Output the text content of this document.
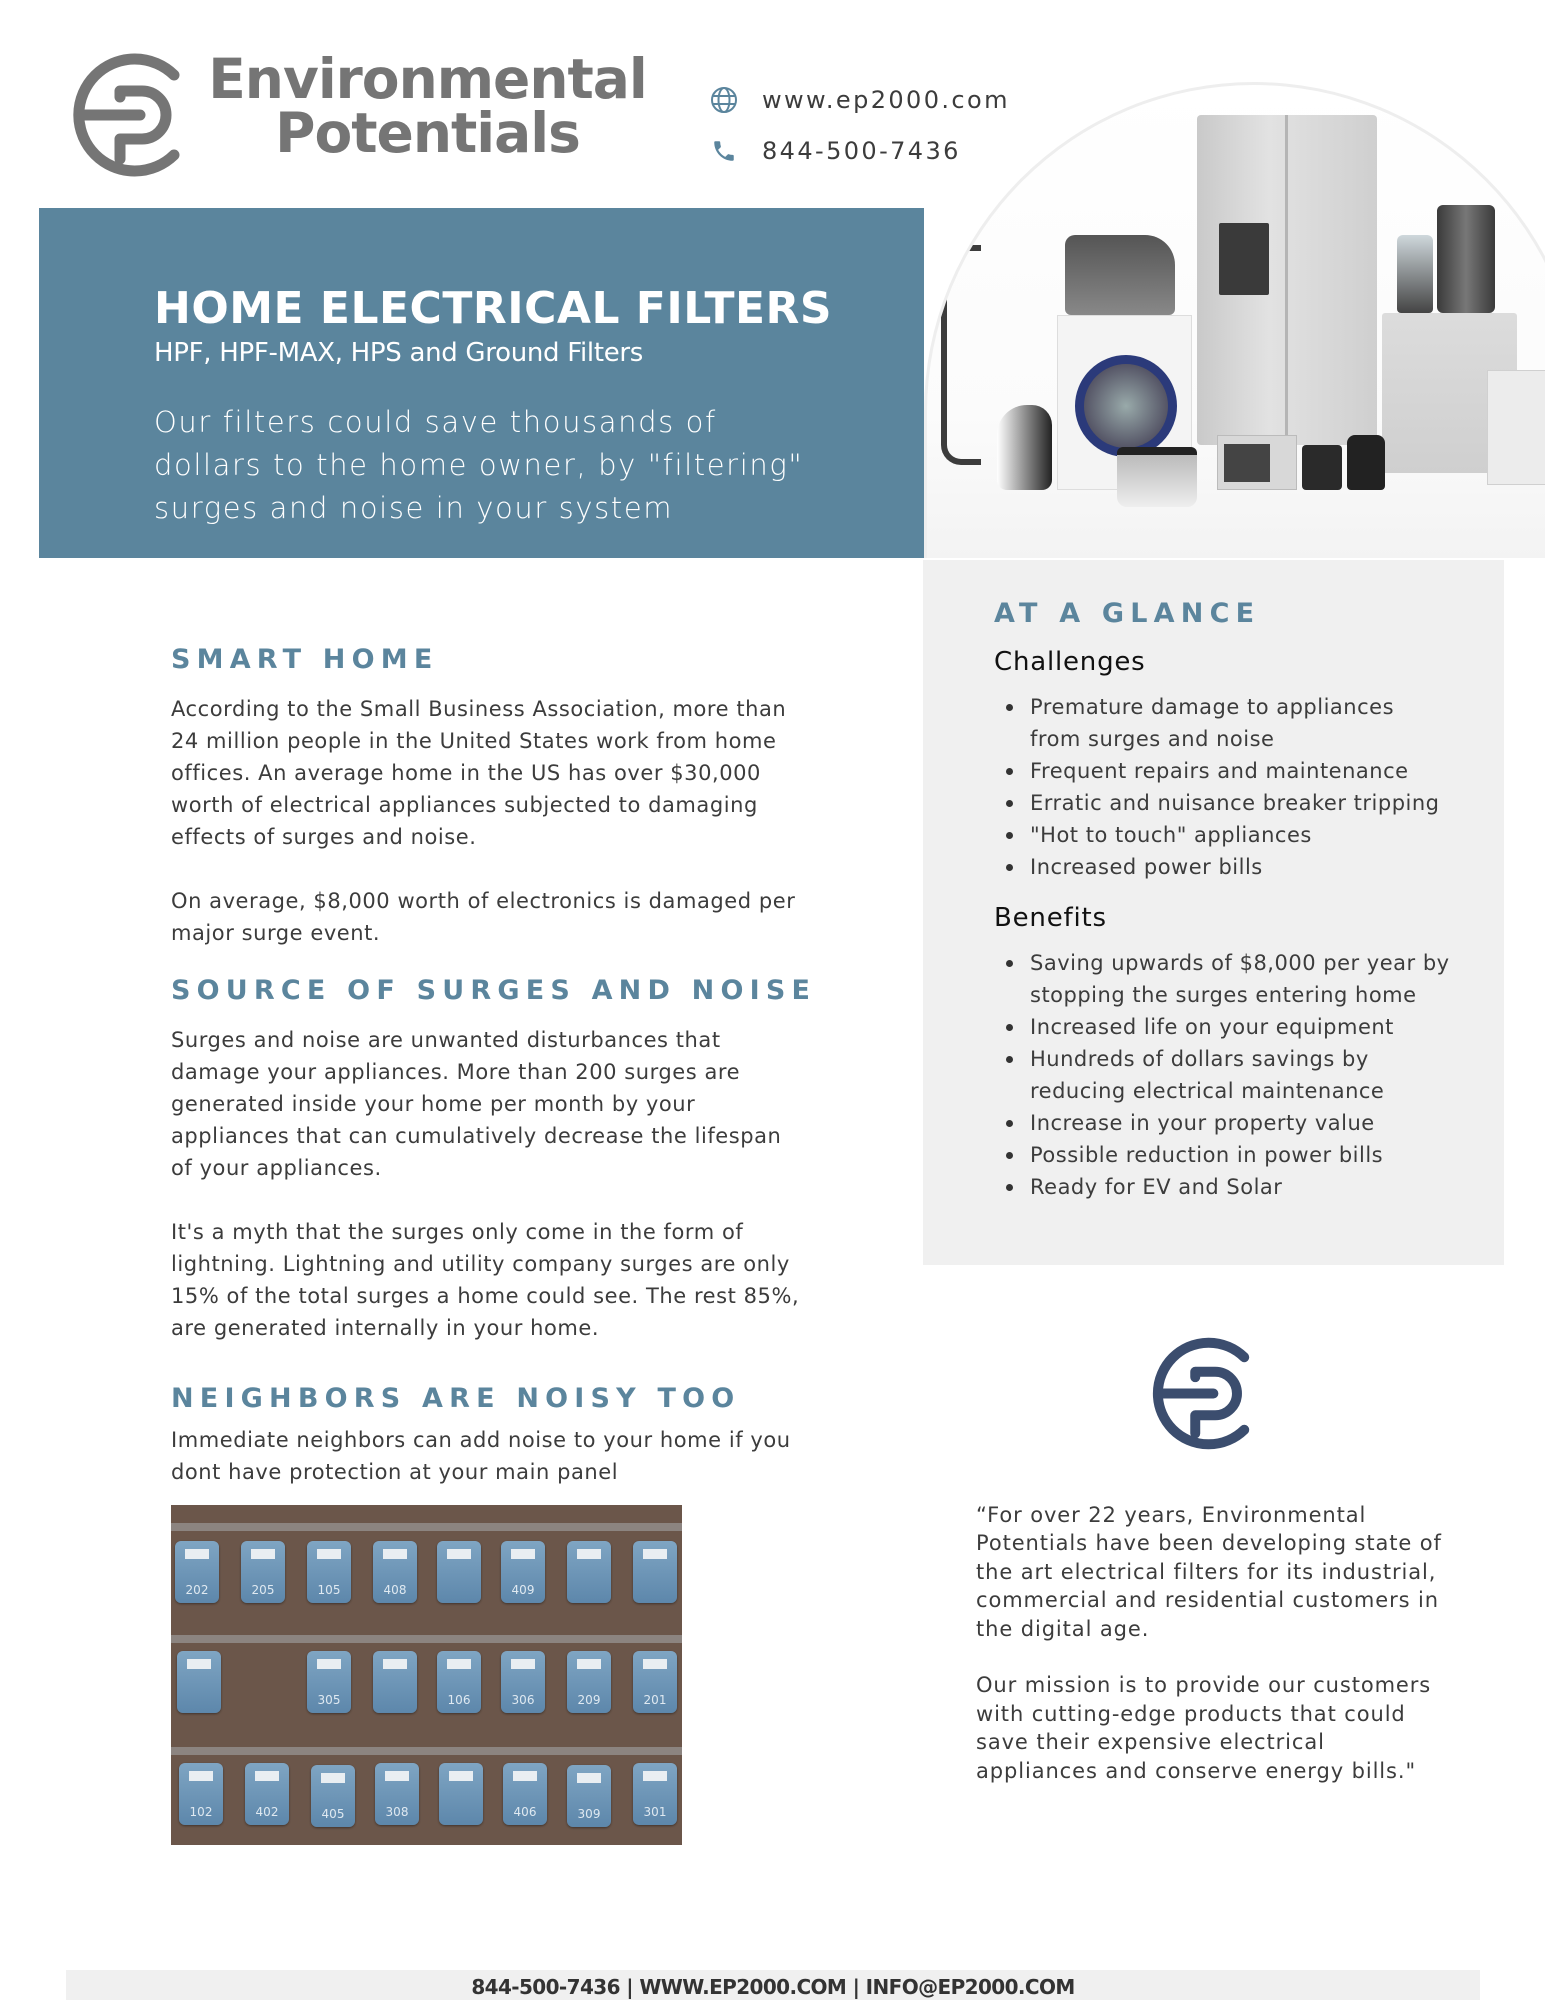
Environmental
Potentials
www.ep2000.com
844-500-7436
HOME ELECTRICAL FILTERS
HPF, HPF-MAX, HPS and Ground Filters
Our filters could save thousands of
dollars to the home owner, by "filtering"
surges and noise in your system
SMART HOME
According to the Small Business Association, more than
24 million people in the United States work from home
offices. An average home in the US has over $30,000
worth of electrical appliances subjected to damaging
effects of surges and noise.
On average, $8,000 worth of electronics is damaged per
major surge event.
SOURCE OF SURGES AND NOISE
Surges and noise are unwanted disturbances that
damage your appliances. More than 200 surges are
generated inside your home per month by your
appliances that can cumulatively decrease the lifespan
of your appliances.
It's a myth that the surges only come in the form of
lightning. Lightning and utility company surges are only
15% of the total surges a home could see. The rest 85%,
are generated internally in your home.
NEIGHBORS ARE NOISY TOO
Immediate neighbors can add noise to your home if you
dont have protection at your main panel
202	205	105	408	409
305	106	306	209	201
102	402	405	308	406	309	301
AT A GLANCE
Challenges
Premature damage to appliances
from surges and noise
Frequent repairs and maintenance
Erratic and nuisance breaker tripping
"Hot to touch" appliances
Increased power bills
Benefits
Saving upwards of $8,000 per year by
stopping the surges entering home
Increased life on your equipment
Hundreds of dollars savings by
reducing electrical maintenance
Increase in your property value
Possible reduction in power bills
Ready for EV and Solar
“For over 22 years, Environmental
Potentials have been developing state of
the art electrical filters for its industrial,
commercial and residential customers in
the digital age.
Our mission is to provide our customers
with cutting-edge products that could
save their expensive electrical
appliances and conserve energy bills."
844-500-7436 | WWW.EP2000.COM | INFO@EP2000.COM
